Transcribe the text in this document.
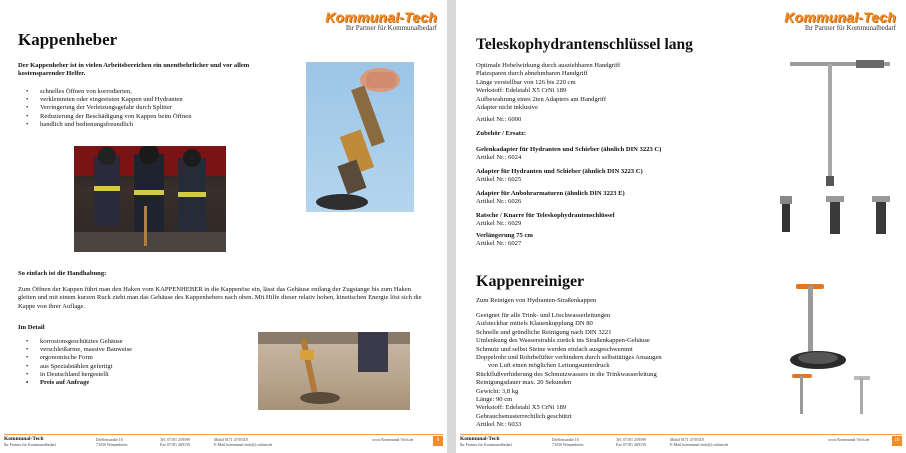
Kommunal-Tech
Ihr Partner für Kommunalbedarf
Kappenheber
Der Kappenheber ist in vielen Arbeitsbereichen ein unentbehrlicher und vor allem kostensparender Helfer.
• schnelles Öffnen von korrodierten,
• verklemmten oder eingeeisten Kappen und Hydranten
• Verringerung der Verletzungsgefahr durch Splitter
• Reduzierung der Beschädigung von Kappen beim Öffnen
• handlich und bedienungsfreundlich
So einfach ist die Handhabung:
Zum Öffnen der Kappen führt man den Haken vom KAPPENHEBER in die Kappenöse ein, lässt das Gehäuse entlang der Zugstange bis zum Haken gleiten und mit einem kurzen Ruck zieht man das Gehäuse des Kappenhebers nach oben. Mit Hilfe dieser relativ hohen, kinetischen Energie löst sich die Kappe von ihrer Auflage.
Im Detail
• korrosionsgeschütztes Gehäuse
• verschleißarme, massive Bauweise
• ergonomische Form
• aus Spezialstählen gefertigt
• in Deutschland hergestellt
• Preis auf Anfrage
Kommunal-Tech
Ihr Partner für Kommunalbedarf
Dieffenstraße 16
73430 Winnenheim
Tel. 07181 259599
Fax 07181 469150
Mobil 0171 4705318
E-Mail kommunal-tech@t-online.de
www.Kommunal-Tech.de	9
Kommunal-Tech
Ihr Partner für Kommunalbedarf
Teleskophydrantenschlüssel lang
Optimale Hebelwirkung durch ausziehbaren Handgriff
Platzsparen durch abnehmbaren Handgriff
Länge verstellbar von 126 bis 220 cm
Werkstoff: Edelstahl X5 CrNi 189
Aufbewahrung eines 2ten Adapters am Handgriff
Adapter nicht inklusive
Artikel Nr.: 6000
Zubehör / Ersatz:
Gelenkadapter für Hydranten und Schieber (ähnlich DIN 3223 C)
Artikel Nr.: 6024
Adapter für Hydranten und Schieber (ähnlich DIN 3223 C)
Artikel Nr.: 6025
Adapter für Anbohrarmaturen (ähnlich DIN 3223 E)
Artikel Nr.: 6026
Ratsche / Knarre für Teleskophydrantenschlüssel
Artikel Nr.: 6029
Verlängerung 75 cm
Artikel Nr.: 6027
Kappenreiniger
Zum Reinigen von Hydranten-Straßenkappen
Geeignet für alle Trink- und Löschwasserleitungen
Aufsteckbar mittels Klauenkupplung DN 80
Schnelle und gründliche Reinigung nach DIN 3221
Umlenkung des Wasserstrahls zurück ins Straßenkappen-Gehäuse
Schmutz und selbst Steine werden einfach ausgeschwemmt
Doppelrohr und Rohrbelüfter verhindern durch selbsttätiges Ansaugen
von Luft einen möglichen Leitungsunterdruck
Rückflußverhiderung des Schmutzwassers in die Trinkwasserleitung
Reinigungsdauer max. 20 Sekunden
Gewicht: 3,8 kg
Länge: 90 cm
Werkstoff: Edelstahl X5 CrNi 189
Gebrauchsmusterrechtlich geschützt
Artikel Nr.: 6033
Kommunal-Tech
Ihr Partner für Kommunalbedarf
Dieffenstraße 16
73430 Winnenheim
Tel. 07181 259599
Fax 07181 469150
Mobil 0171 4705318
E-Mail kommunal-tech@t-online.de
www.Kommunal-Tech.de	10
